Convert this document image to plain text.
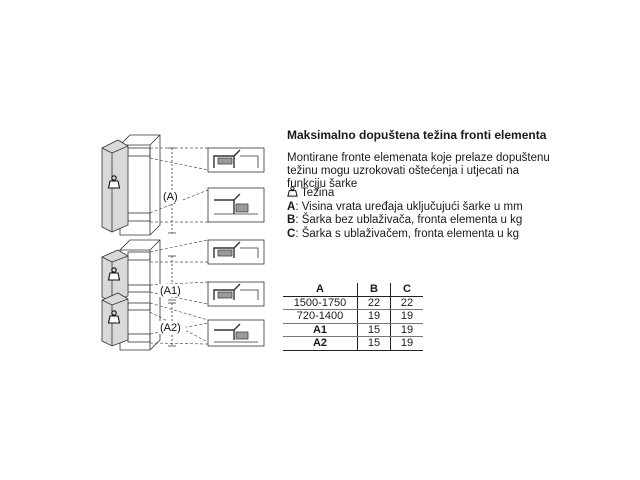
(A)
(A1)
(A2)
Maksimalno dopuštena težina fronti elementa
Montirane fronte elemenata koje prelaze dopuštenu težinu mogu uzrokovati oštećenja i utjecati na funkciju šarke
Težina
A: Visina vrata uređaja uključujući šarke u mm
B: Šarka bez ublaživača, fronta elementa u kg
C: Šarka s ublaživačem, fronta elementa u kg
A	B	C
1500-1750	22	22
720-1400	19	19
A1	15	19
A2	15	19
